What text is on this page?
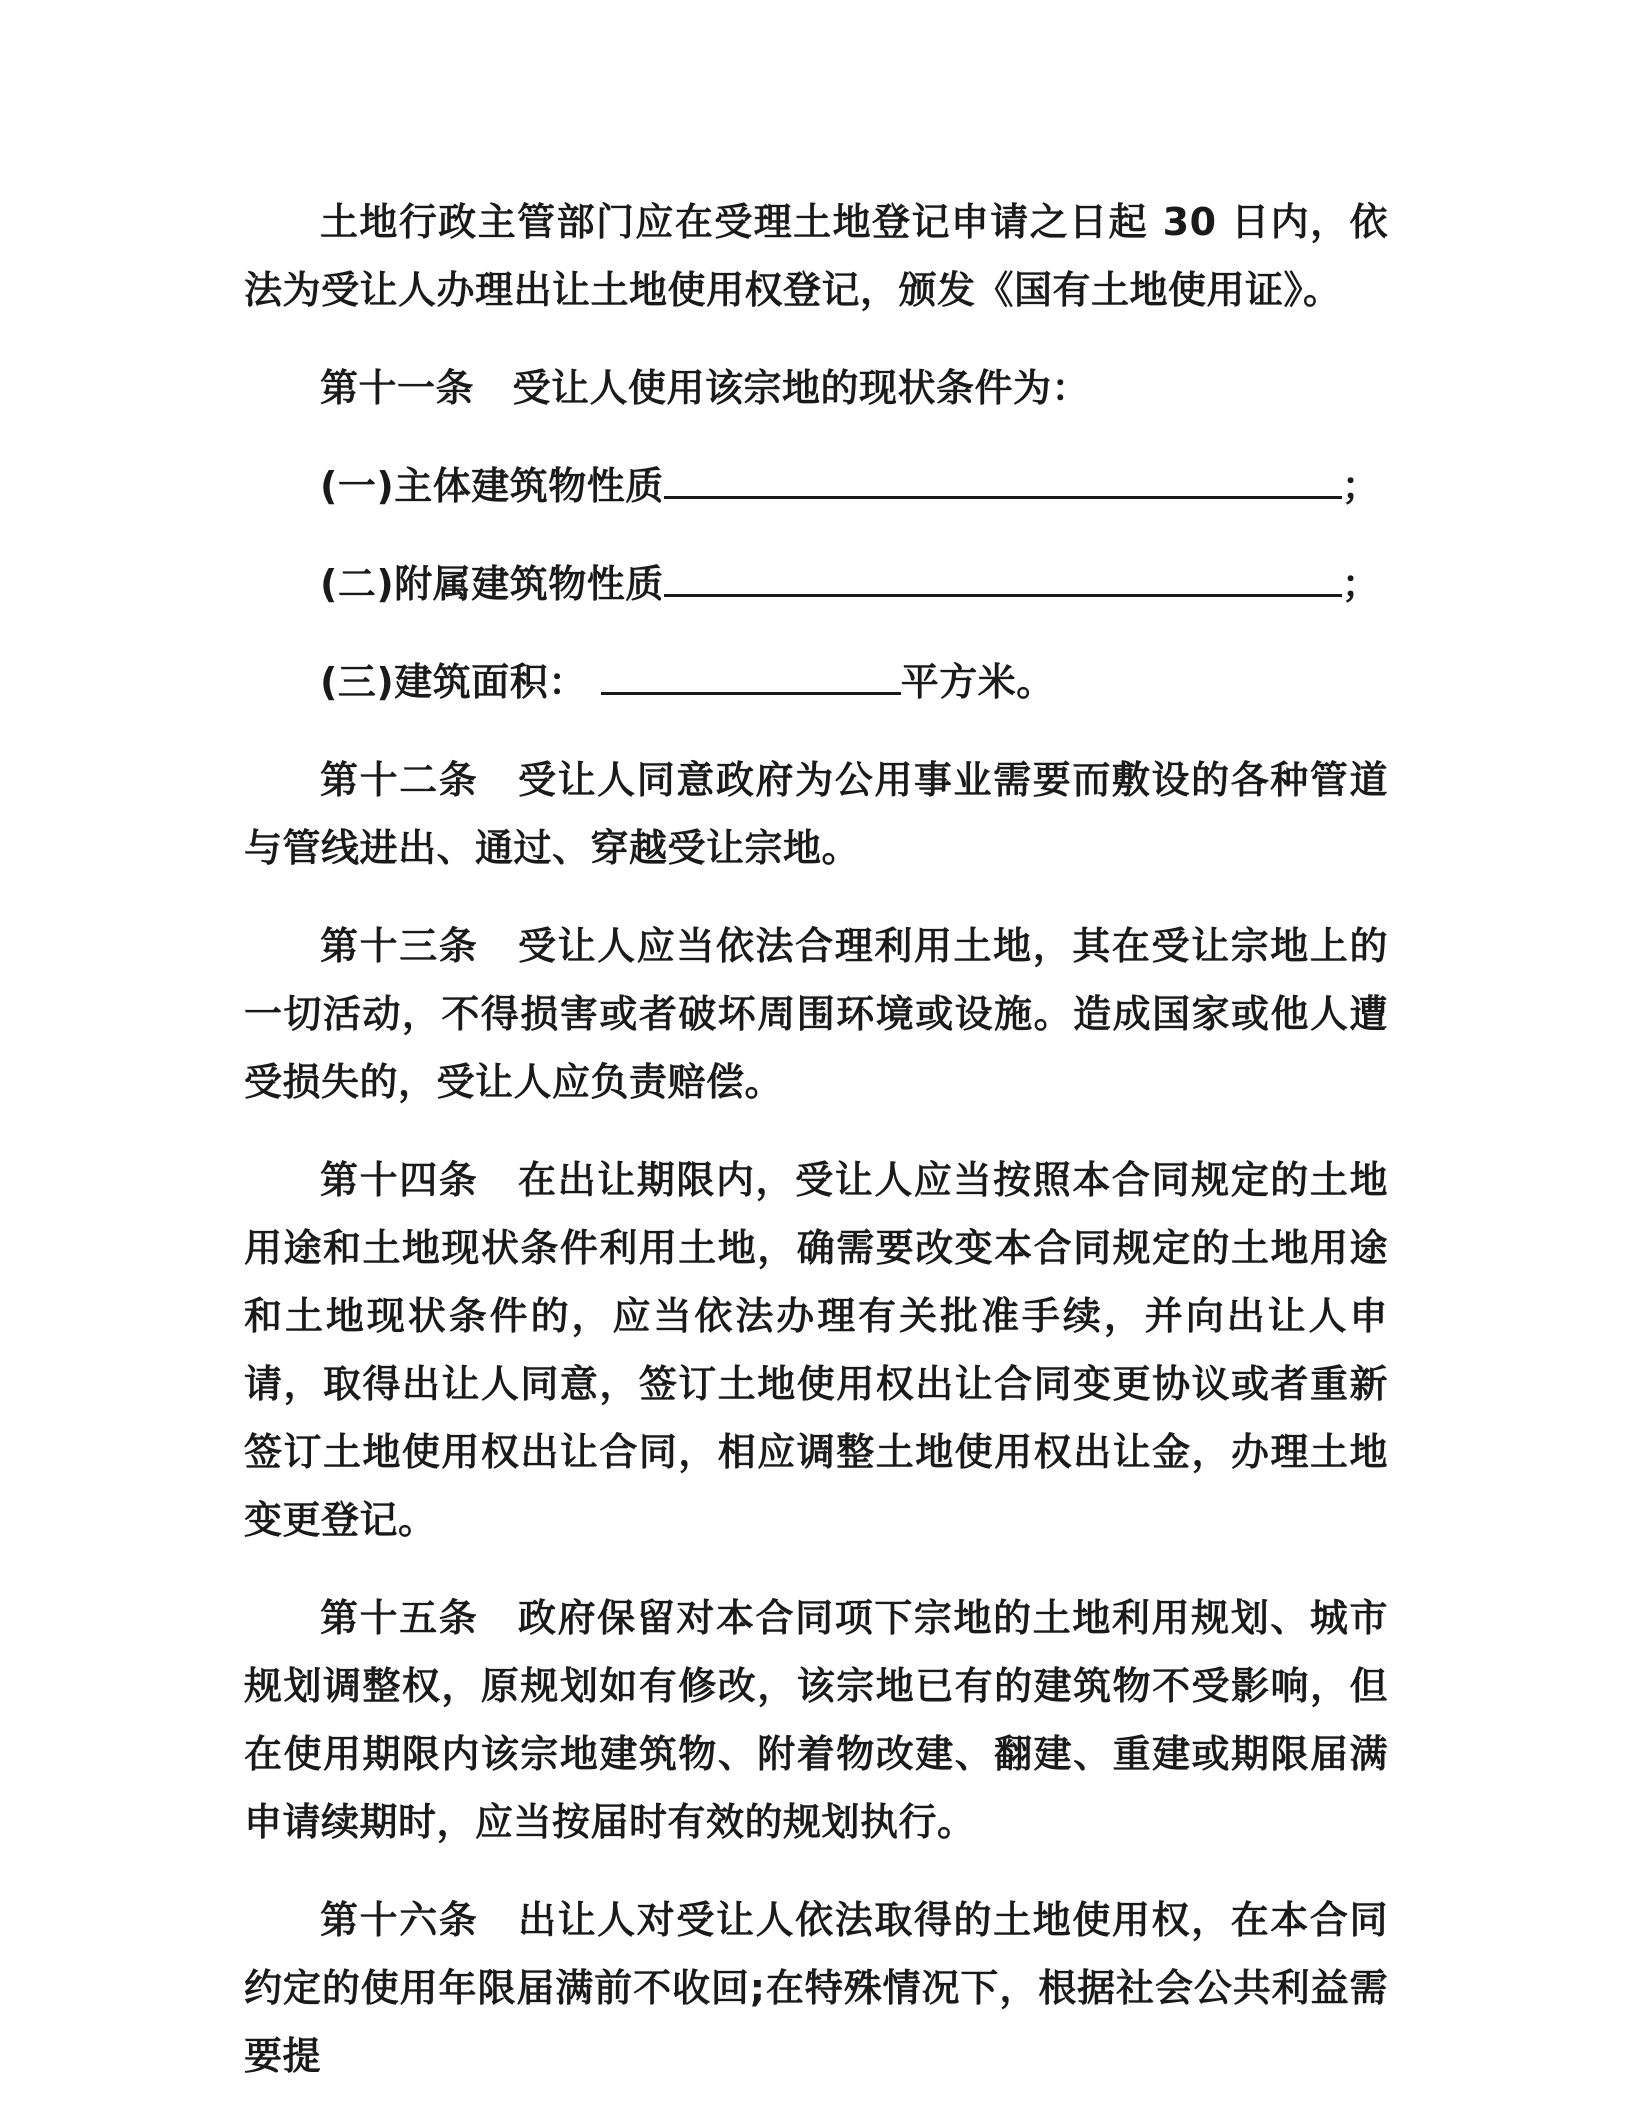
土地行政主管部门应在受理土地登记申请之日起 30 日内，依法为受让人办理出让土地使用权登记，颁发《国有土地使用证》。

第十一条　受让人使用该宗地的现状条件为：

(一)主体建筑物性质	；

(二)附属建筑物性质	；

(三)建筑面积：	平方米。

第十二条　受让人同意政府为公用事业需要而敷设的各种管道与管线进出、通过、穿越受让宗地。

第十三条　受让人应当依法合理利用土地，其在受让宗地上的一切活动，不得损害或者破坏周围环境或设施。造成国家或他人遭受损失的，受让人应负责赔偿。

第十四条　在出让期限内，受让人应当按照本合同规定的土地用途和土地现状条件利用土地，确需要改变本合同规定的土地用途和土地现状条件的，应当依法办理有关批准手续，并向出让人申请，取得出让人同意，签订土地使用权出让合同变更协议或者重新签订土地使用权出让合同，相应调整土地使用权出让金，办理土地变更登记。

第十五条　政府保留对本合同项下宗地的土地利用规划、城市规划调整权，原规划如有修改，该宗地已有的建筑物不受影响，但在使用期限内该宗地建筑物、附着物改建、翻建、重建或期限届满申请续期时，应当按届时有效的规划执行。

第十六条　出让人对受让人依法取得的土地使用权，在本合同约定的使用年限届满前不收回;在特殊情况下，根据社会公共利益需要提
